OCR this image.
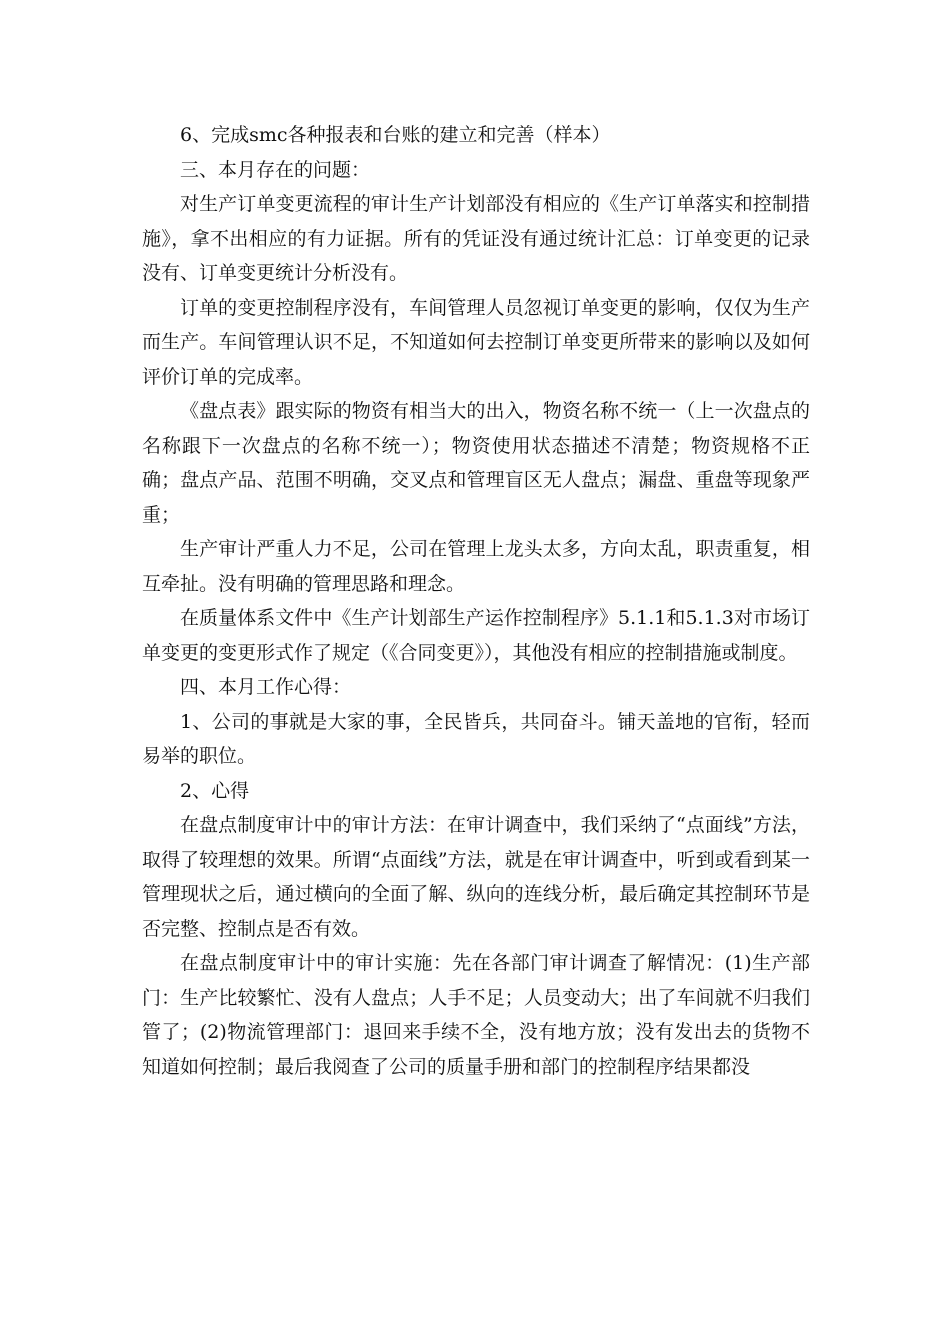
6、完成smc各种报表和台账的建立和完善（样本）

三、本月存在的问题：

对生产订单变更流程的审计生产计划部没有相应的《生产订单落实和控制措施》，拿不出相应的有力证据。所有的凭证没有通过统计汇总：订单变更的记录没有、订单变更统计分析没有。

订单的变更控制程序没有，车间管理人员忽视订单变更的影响，仅仅为生产而生产。车间管理认识不足，不知道如何去控制订单变更所带来的影响以及如何评价订单的完成率。

《盘点表》跟实际的物资有相当大的出入，物资名称不统一（上一次盘点的名称跟下一次盘点的名称不统一）；物资使用状态描述不清楚；物资规格不正确；盘点产品、范围不明确，交叉点和管理盲区无人盘点；漏盘、重盘等现象严重；

生产审计严重人力不足，公司在管理上龙头太多，方向太乱，职责重复，相互牵扯。没有明确的管理思路和理念。

在质量体系文件中《生产计划部生产运作控制程序》5.1.1和5.1.3对市场订单变更的变更形式作了规定（《合同变更》），其他没有相应的控制措施或制度。

四、本月工作心得：

1、公司的事就是大家的事，全民皆兵，共同奋斗。铺天盖地的官衔，轻而易举的职位。

2、心得

在盘点制度审计中的审计方法：在审计调查中，我们采纳了“点面线”方法，取得了较理想的效果。所谓“点面线”方法，就是在审计调查中，听到或看到某一管理现状之后，通过横向的全面了解、纵向的连线分析，最后确定其控制环节是否完整、控制点是否有效。

在盘点制度审计中的审计实施：先在各部门审计调查了解情况：(1)生产部门：生产比较繁忙、没有人盘点；人手不足；人员变动大；出了车间就不归我们管了；(2)物流管理部门：退回来手续不全，没有地方放；没有发出去的货物不知道如何控制；最后我阅查了公司的质量手册和部门的控制程序结果都没
